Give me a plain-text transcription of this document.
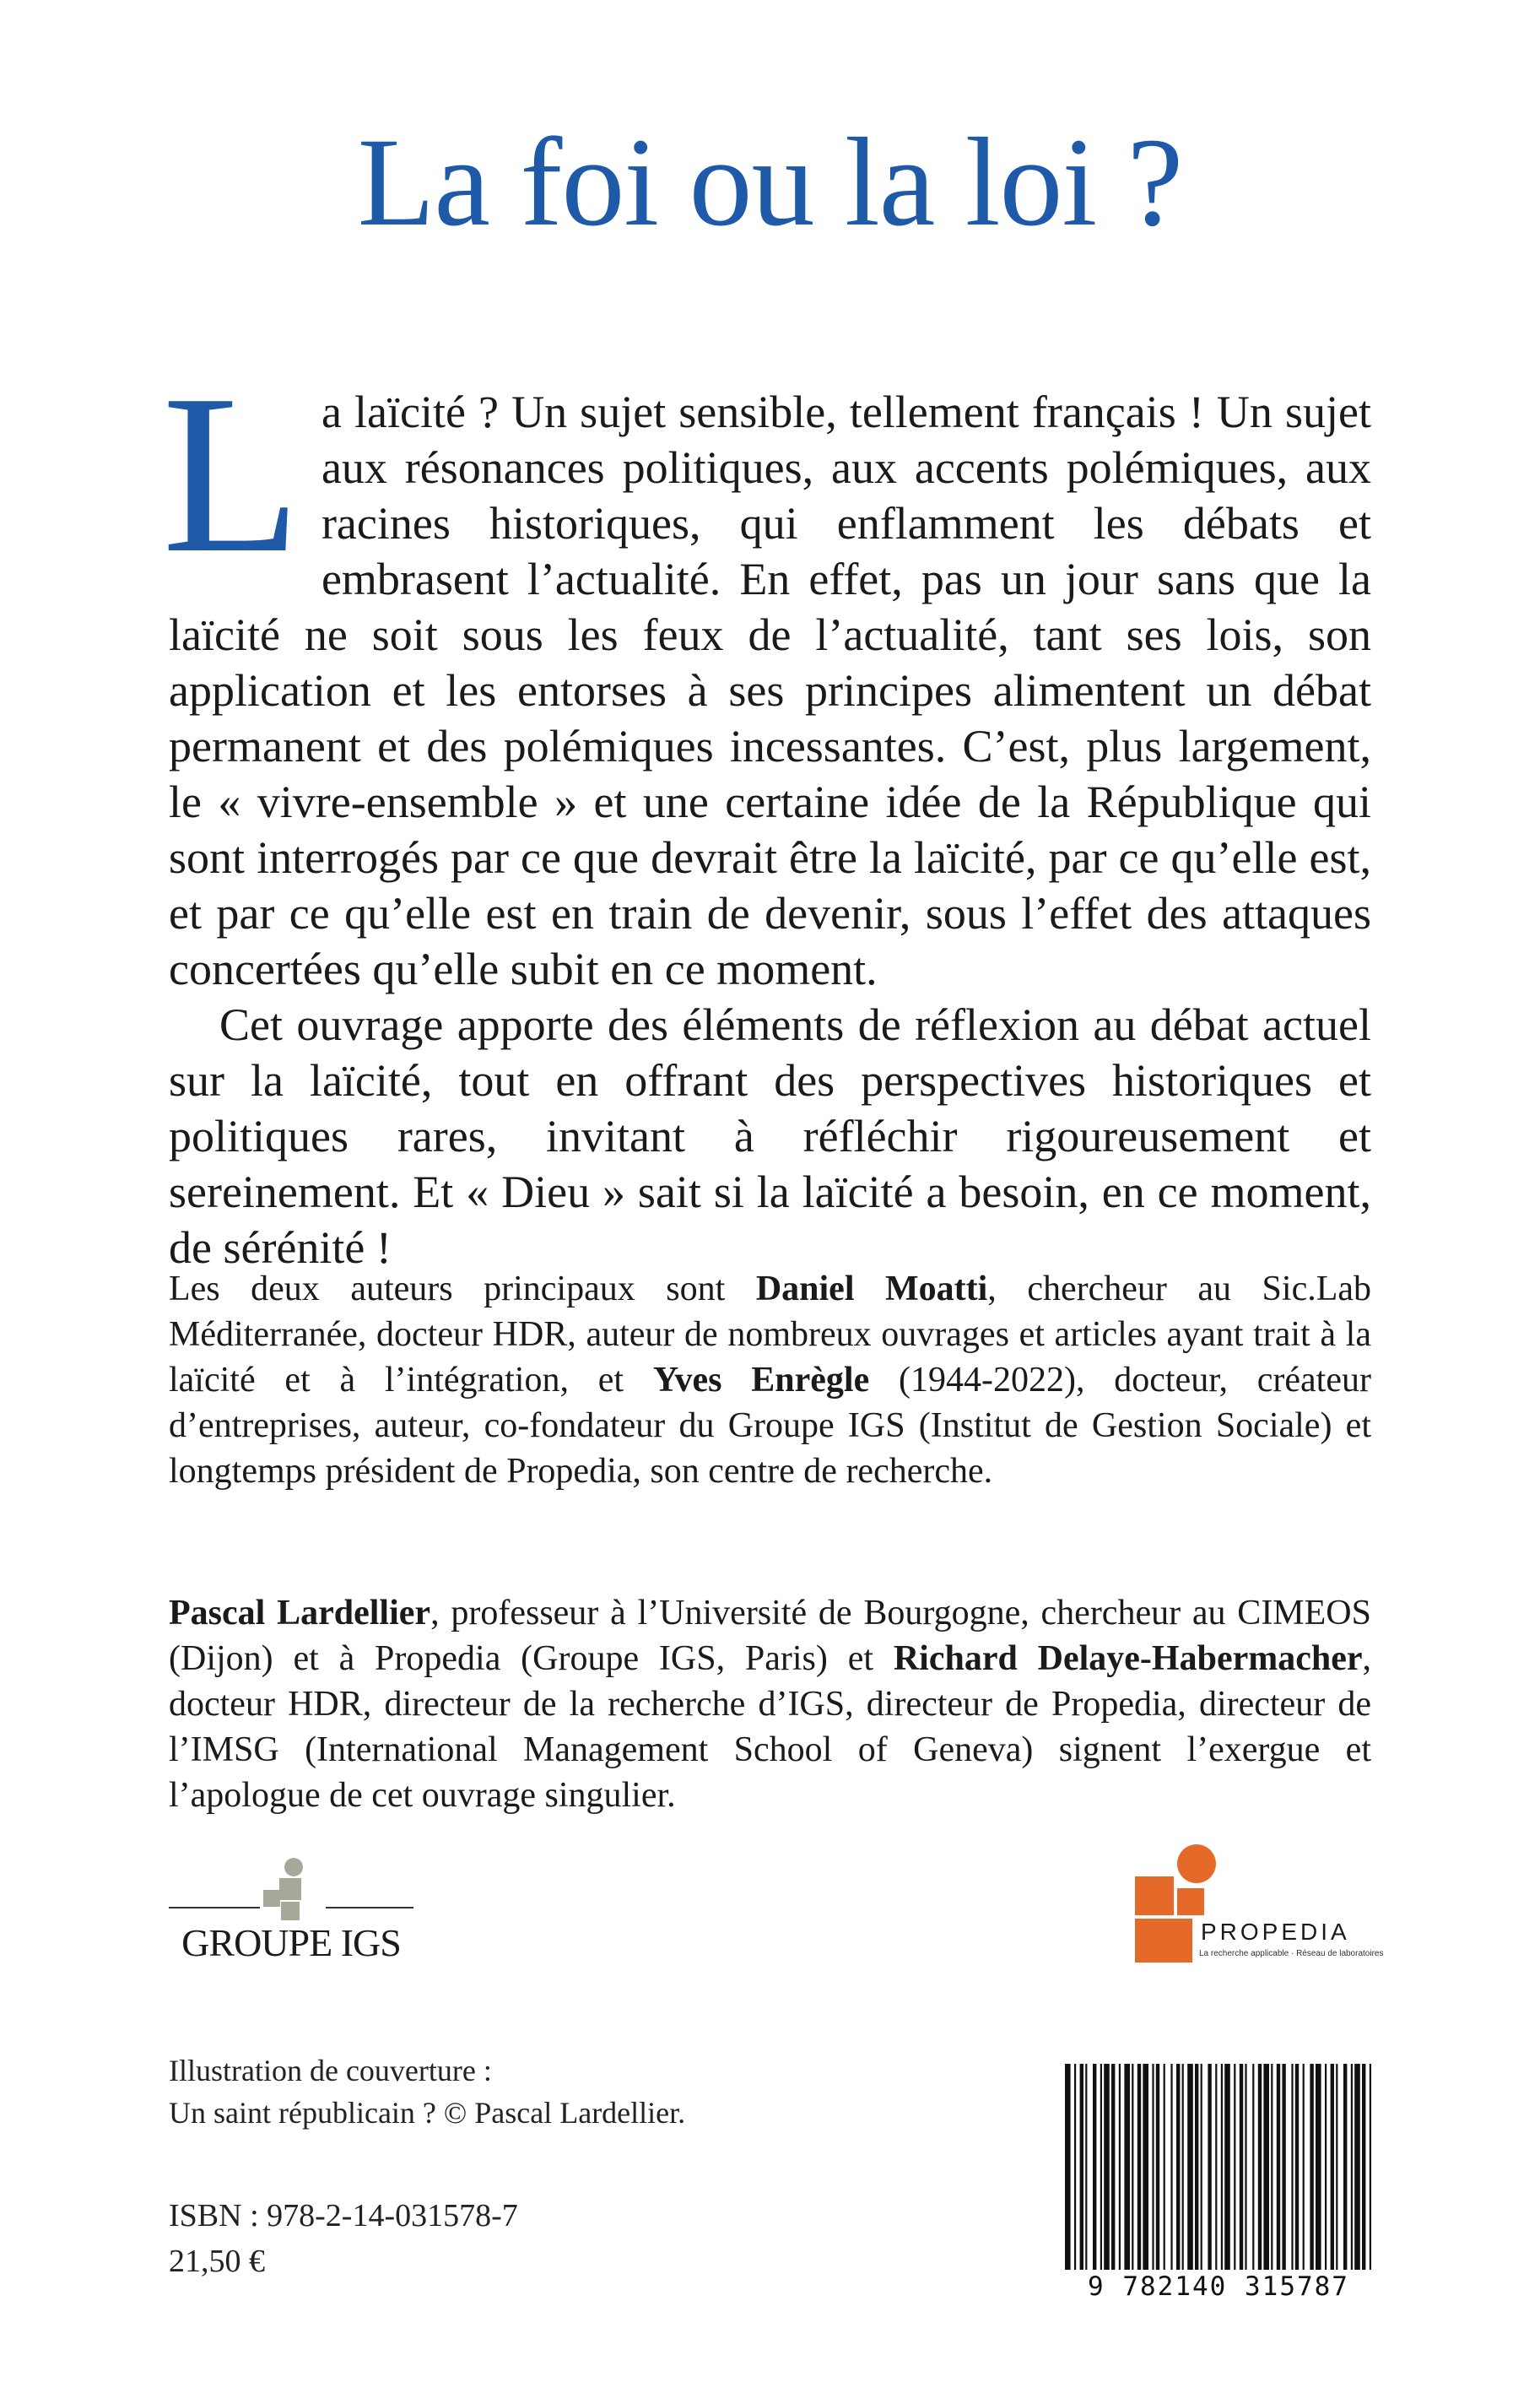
La foi ou la loi ?

La laïcité ? Un sujet sensible, tellement français ! Un sujet aux résonances politiques, aux accents polémiques, aux racines historiques, qui enflamment les débats et embrasent l’actualité. En effet, pas un jour sans que la laïcité ne soit sous les feux de l’actualité, tant ses lois, son application et les entorses à ses principes alimentent un débat permanent et des polémiques incessantes. C’est, plus largement, le « vivre-ensemble » et une certaine idée de la République qui sont interrogés par ce que devrait être la laïcité, par ce qu’elle est, et par ce qu’elle est en train de devenir, sous l’effet des attaques concertées qu’elle subit en ce moment.

Cet ouvrage apporte des éléments de réflexion au débat actuel sur la laïcité, tout en offrant des perspectives historiques et politiques rares, invitant à réfléchir rigoureusement et sereinement. Et « Dieu » sait si la laïcité a besoin, en ce moment, de sérénité !

Les deux auteurs principaux sont Daniel Moatti, chercheur au Sic.Lab Méditerranée, docteur HDR, auteur de nombreux ouvrages et articles ayant trait à la laïcité et à l’intégration, et Yves Enrègle (1944-2022), docteur, créateur d’entreprises, auteur, co-fondateur du Groupe IGS (Institut de Gestion Sociale) et longtemps président de Propedia, son centre de recherche.

Pascal Lardellier, professeur à l’Université de Bourgogne, chercheur au CIMEOS (Dijon) et à Propedia (Groupe IGS, Paris) et Richard Delaye-Habermacher, docteur HDR, directeur de la recherche d’IGS, directeur de Propedia, directeur de l’IMSG (International Management School of Geneva) signent l’exergue et l’apologue de cet ouvrage singulier.

GROUPE IGS	PROPEDIA
La recherche applicable · Réseau de laboratoires
Illustration de couverture :
Un saint républicain ? © Pascal Lardellier.
ISBN : 978-2-14-031578-7
21,50 €
9 782140 315787
